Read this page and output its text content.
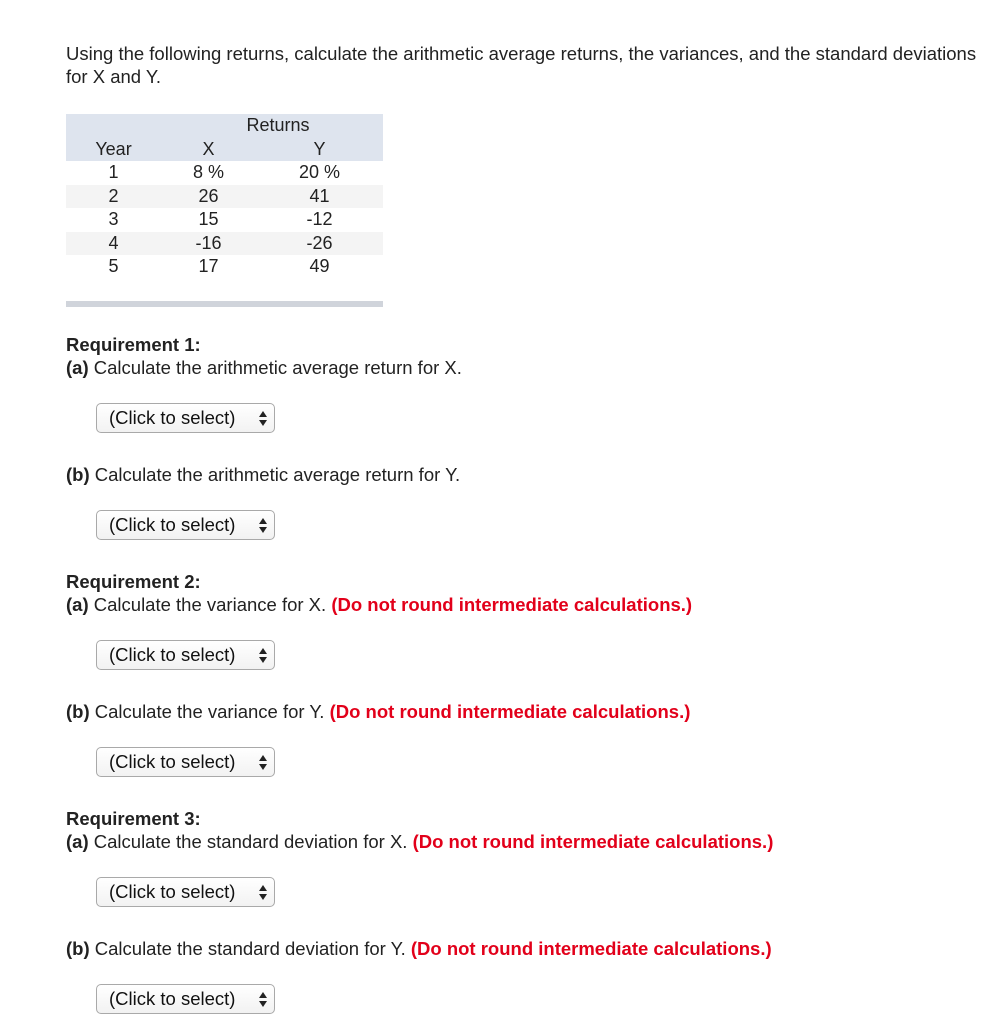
Using the following returns, calculate the arithmetic average returns, the variances, and the standard deviations for X and Y.
	Returns	
Year	X	Y
1	8 %	20 %
2	26	41
3	15	-12
4	-16	-26
5	17	49

Requirement 1:
(a) Calculate the arithmetic average return for X.
(Click to select)
(b) Calculate the arithmetic average return for Y.
(Click to select)
Requirement 2:
(a) Calculate the variance for X. (Do not round intermediate calculations.)
(Click to select)
(b) Calculate the variance for Y. (Do not round intermediate calculations.)
(Click to select)
Requirement 3:
(a) Calculate the standard deviation for X. (Do not round intermediate calculations.)
(Click to select)
(b) Calculate the standard deviation for Y. (Do not round intermediate calculations.)
(Click to select)
